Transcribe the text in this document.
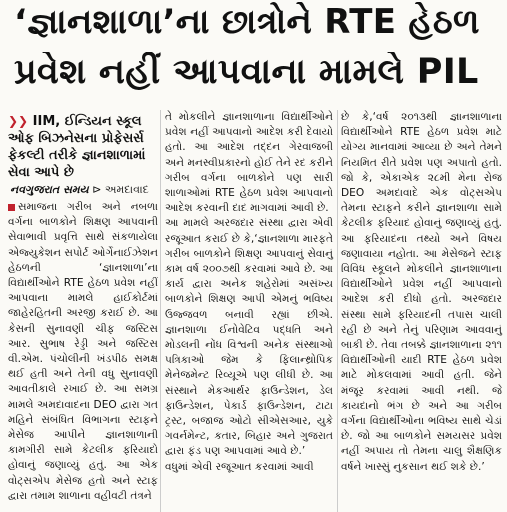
‘જ્ઞાનશાળા’ના છાત્રોને RTE હેઠળ
પ્રવેશ નહીં આપવાના મામલે PIL
❯❯ IIM, ઈન્ડિયન સ્કૂલ ઓફ બિઝનેસના પ્રોફેસર્સ ફેકલ્ટી તરીકે જ્ઞાનશાળામાં સેવા આપે છે
નવગુજરાત સમય ⊳ અમદાવાદ
સમાજના ગરીબ અને નબળા વર્ગના બાળકોને શિક્ષણ આપવાની સેવાભાવી પ્રવૃત્તિ સાથે સંકળાયેલા એજ્યુકેશન સપોર્ટ ઓર્ગેનાઈઝેશન હેઠળની ‘જ્ઞાનશાળા’ના વિદ્યાર્થીઓને RTE હેઠળ પ્રવેશ નહીં આપવાના મામલે હાઈકોર્ટમાં જાહેરહિતની અરજી કરાઈ છે. આ કેસની સુનાવણી ચીફ જસ્ટિસ આર. સુભાષ રેડ્ડી અને જસ્ટિસ વી.એમ. પંચોલીની ખંડપીઠ સમક્ષ થઈ હતી અને તેની વધુ સુનાવણી આવતીકાલે રખાઈ છે. આ સમગ્ર મામલે અમદાવાદના DEO દ્વારા ગત મહિને સંબંધિત વિભાગના સ્ટાફને મેસેજ આપીને જ્ઞાનશાળાની કામગીરી સામે કેટલીક ફરિયાદો હોવાનું જણાવ્યું હતું. આ એક વોટ્સએપ મેસેજ હતો અને સ્ટાફ દ્વારા તમામ શાળાના વહીવટી તંત્રને
તે મોકલીને જ્ઞાનશાળાના વિદ્યાર્થીઓને પ્રવેશ નહીં આપવાનો આદેશ કરી દેવાયો હતો. આ આદેશ તદ્દન ગેરવાજબી અને મનસ્વીપ્રકારનો હોઈ તેને રદ કરીને ગરીબ વર્ગના બાળકોને પણ સારી શાળાઓમાં RTE હેઠળ પ્રવેશ આપવાનો આદેશ કરવાની દાદ માગવામાં આવી છે.
આ મામલે અરજદાર સંસ્થા દ્વારા એવી રજૂઆત કરાઈ છે કે,‘જ્ઞાનશાળા મારફતે ગરીબ બાળકોને શિક્ષણ આપવાનું સેવાનું કામ વર્ષ ૨૦૦૭થી કરવામાં આવે છે. આ કાર્ય દ્વારા અનેક શહેરોમાં અસંખ્ય બાળકોને શિક્ષણ આપી એમનું ભવિષ્ય ઉજ્જવળ બનાવી રહ્યાં છીએ. જ્ઞાનશાળા ઈનોવેટિવ પદ્ધતિ અને મોડલની નોંધ વિશ્વની અનેક સંસ્થાઓ પત્રિકાઓ જેમ કે ફિલાન્થ્રોપિક મેનેજમેન્ટ રિવ્યૂએ પણ લીધી છે. આ સંસ્થાને મેકઆર્થર ફાઉન્ડેશન, ડેલ ફાઉન્ડેશન, પેકાર્ડ ફાઉન્ડેશન, ટાટા ટ્રસ્ટ, બજાજ ઓટો સીએસઆર, યુકે ગવર્નમેન્ટ, કતાર, બિહાર અને ગુજરાત દ્વારા ફંડ પણ આપવામાં આવે છે.’
વધુમાં એવી રજૂઆત કરવામાં આવી
છે કે,‘વર્ષ ૨૦૧૩થી જ્ઞાનશાળાના વિદ્યાર્થીઓને RTE હેઠળ પ્રવેશ માટે યોગ્ય માનવામાં આવ્યા છે અને તેમને નિયમિત રીતે પ્રવેશ પણ અપાતો હતો. જો કે, એકાએક ૨૮મી મેના રોજ DEO અમદાવાદે એક વોટ્સએપ તેમના સ્ટાફને કરીને જ્ઞાનશાળા સામે કેટલીક ફરિયાદ હોવાનું જણાવ્યું હતું. આ ફરિયાદના તથ્યો અને વિષય જણાવાયા નહોતા. આ મેસેજને સ્ટાફ વિવિધ સ્કૂલને મોકલીને જ્ઞાનશાળાના વિદ્યાર્થીઓને પ્રવેશ નહીં આપવાનો આદેશ કરી દીધો હતો. અરજદાર સંસ્થા સામે ફરિયાદની તપાસ ચાલી રહી છે અને તેનું પરિણામ આવવાનું બાકી છે. તેવા તબક્કે જ્ઞાનશાળાના ૨૧૧ વિદ્યાર્થીઓની યાદી RTE હેઠળ પ્રવેશ માટે મોકલવામાં આવી હતી. જેને મંજૂર કરવામાં આવી નથી. જે કાયદાનો ભંગ છે અને આ ગરીબ વર્ગના વિદ્યાર્થીઓના ભવિષ્ય સાથે ચેડાં છે. જો આ બાળકોને સમયસર પ્રવેશ નહીં અપાય તો તેમના ચાલુ શૈક્ષણિક વર્ષને ખાસ્સું નુકસાન થઈ શકે છે.’
